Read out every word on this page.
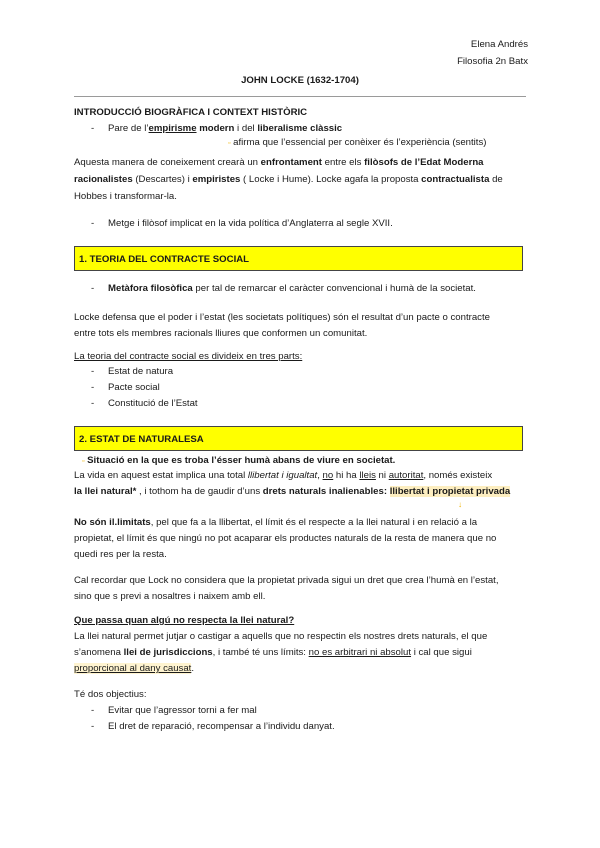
Elena Andrés
Filosofia 2n Batx
JOHN LOCKE (1632-1704)
INTRODUCCIÓ BIOGRÀFICA I CONTEXT HISTÒRIC
- Pare de l’empirisme modern i del liberalisme clàssic
▫ afirma que l’essencial per conèixer és l’experiència (sentits)
Aquesta manera de coneixement crearà un enfrontament entre els filòsofs de l’Edat Moderna
racionalistes (Descartes) i empiristes ( Locke i Hume). Locke agafa la proposta contractualista de
Hobbes i transformar-la.
- Metge i filòsof implicat en la vida política d’Anglaterra al segle XVII.
1. TEORIA DEL CONTRACTE SOCIAL
- Metàfora filosòfica per tal de remarcar el caràcter convencional i humà de la societat.
Locke defensa que el poder i l’estat (les societats polítiques) són el resultat d’un pacte o contracte
entre tots els membres racionals lliures que conformen un comunitat.
La teoria del contracte social es divideix en tres parts:
- Estat de natura
- Pacte social
- Constitució de l’Estat
2. ESTAT DE NATURALESA
▫ Situació en la que es troba l’ésser humà abans de viure en societat.
La vida en aquest estat implica una total llibertat i igualtat, no hi ha lleis ni autoritat, només existeix
la llei natural* , i tothom ha de gaudir d’uns drets naturals inalienables: llibertat i propietat privada
↓
No són il.limitats, pel que fa a la llibertat, el límit és el respecte a la llei natural i en relació a la
propietat, el límit és que ningú no pot acaparar els productes naturals de la resta de manera que no
quedi res per la resta.
Cal recordar que Lock no considera que la propietat privada sigui un dret que crea l’humà en l’estat,
sino que s previ a nosaltres i naixem amb ell.
Que passa quan algú no respecta la llei natural?
La llei natural permet jutjar o castigar a aquells que no respectin els nostres drets naturals, el que
s’anomena llei de jurisdiccions, i també té uns límits: no es arbitrari ni absolut i cal que sigui
proporcional al dany causat.
Té dos objectius:
- Evitar que l’agressor torni a fer mal
- El dret de reparació, recompensar a l’individu danyat.
